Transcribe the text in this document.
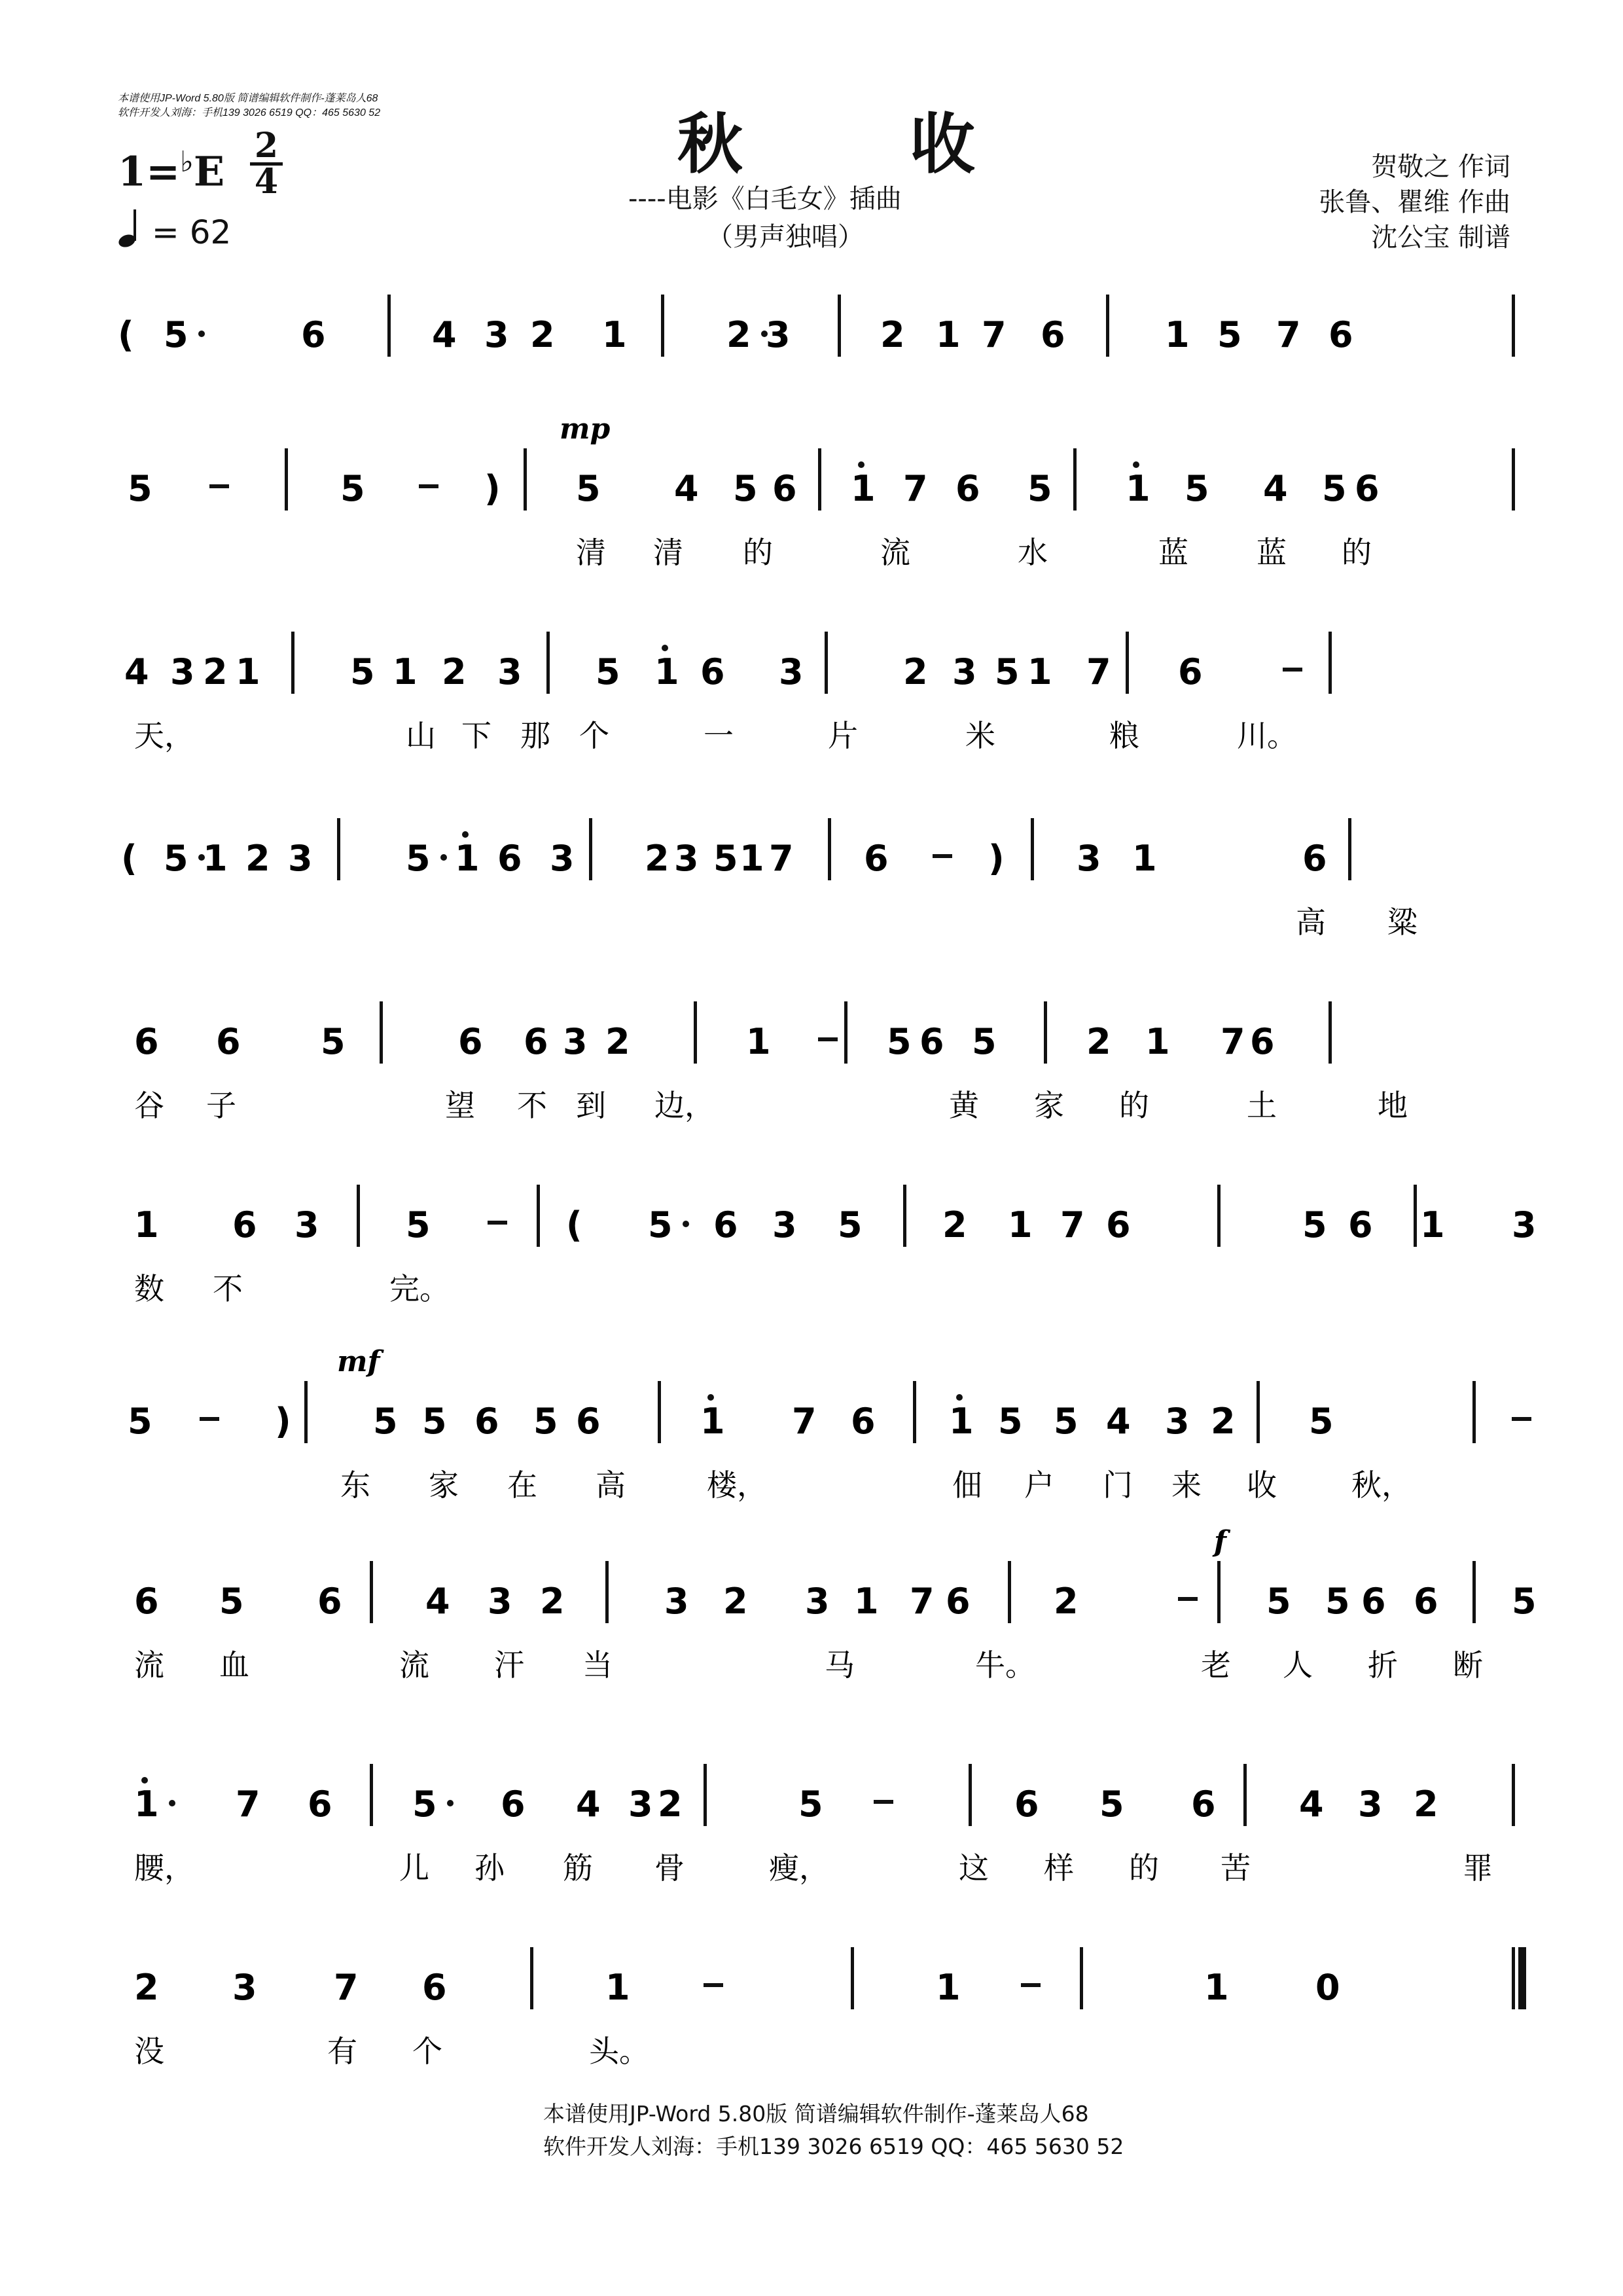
本谱使用JP-Word 5.80版 简谱编辑软件制作-蓬莱岛人68
软件开发人刘海：手机139 3026 6519 QQ：465 5630 52	秋 收
----电影《白毛女》插曲
（男声独唱）
贺敬之 作词
张鲁、瞿维 作曲
沈公宝 制谱
1=♭E
2
4
= 62
( 5	6	4 3 2 1	2 3	2 1 7 6	1 5 7 6
5	5	) 5 4 5 6 1 7 6 5 1 5 4 5 6
mp
清 清 的	流	水	蓝 蓝 的
4 3 2 1	5 1 2 3 5 1 6 3	2 3 5 1 7 6
天，	山 下 那 个	一	片	米	粮	川。
( 5 1 2 3	5 1 6 3 2 3 5 1 7 6	) 3 1	6
高 粱
6 6 5	6 6 3 2	1	5 6 5	2 1 7 6
谷 子	望 不 到 边，	黄 家 的	土	地
1 6 3 5	( 5 6 3 5 2 1 7 6	5 6 1 3
数 不	完。
5	) 5 5 6 5 6	1 7 6 1 5 5 4 3 2 5
mf
东 家 在 高	楼，	佃 户 门 来 收 秋，
6 5 6 4 3 2	3 2 3 1 7 6 2	5 5 6	5
6
f
流 血	流 汗 当	马	牛。	老 人 折 断
1 7 6 5 6 4 3 2	5	6 5 6 4 3 2
腰，	儿 孙 筋 骨	瘦，	这 样 的 苦	罪
2 3 7 6	1	1	1 0
没	有 个	头。
本谱使用JP-Word 5.80版 简谱编辑软件制作-蓬莱岛人68
软件开发人刘海：手机139 3026 6519 QQ：465 5630 52
